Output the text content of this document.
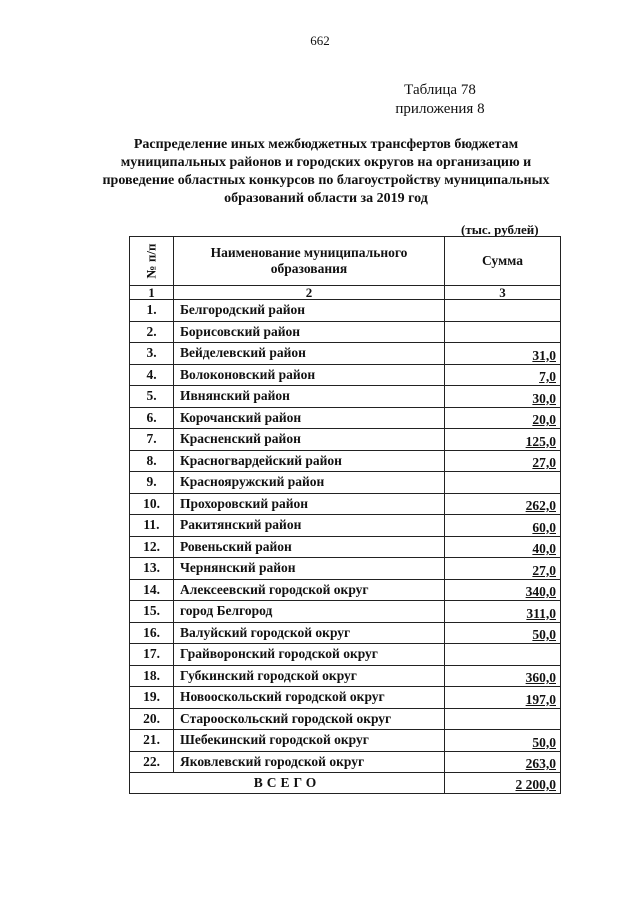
662
Таблица 78
приложения 8
Распределение иных межбюджетных трансфертов бюджетам муниципальных районов и городских округов на организацию и проведение областных конкурсов по благоустройству муниципальных образований области за 2019 год
(тыс. рублей)
№ п/п	Наименование муниципального образования	Сумма
1	2	3
1.	Белгородский район	
2.	Борисовский район	
3.	Вейделевский район	31,0
4.	Волоконовский район	7,0
5.	Ивнянский район	30,0
6.	Корочанский район	20,0
7.	Красненский район	125,0
8.	Красногвардейский район	27,0
9.	Краснояружский район	
10.	Прохоровский район	262,0
11.	Ракитянский район	60,0
12.	Ровеньский район	40,0
13.	Чернянский район	27,0
14.	Алексеевский городской округ	340,0
15.	город Белгород	311,0
16.	Валуйский городской округ	50,0
17.	Грайворонский городской округ	
18.	Губкинский городской округ	360,0
19.	Новооскольский городской округ	197,0
20.	Старооскольский городской округ	
21.	Шебекинский городской округ	50,0
22.	Яковлевский городской округ	263,0
ВСЕГО		2 200,0
